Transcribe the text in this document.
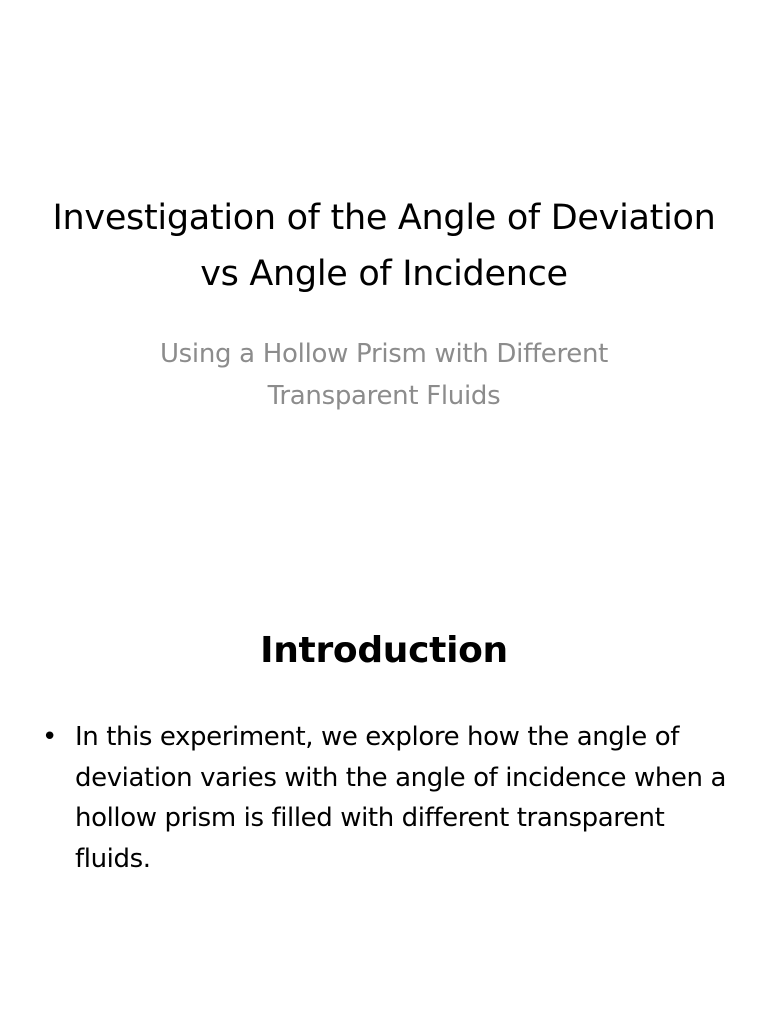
Investigation of the Angle of Deviation vs Angle of Incidence

Using a Hollow Prism with Different Transparent Fluids

Introduction
• In this experiment, we explore how the angle of deviation varies with the angle of incidence when a hollow prism is filled with different transparent fluids.
